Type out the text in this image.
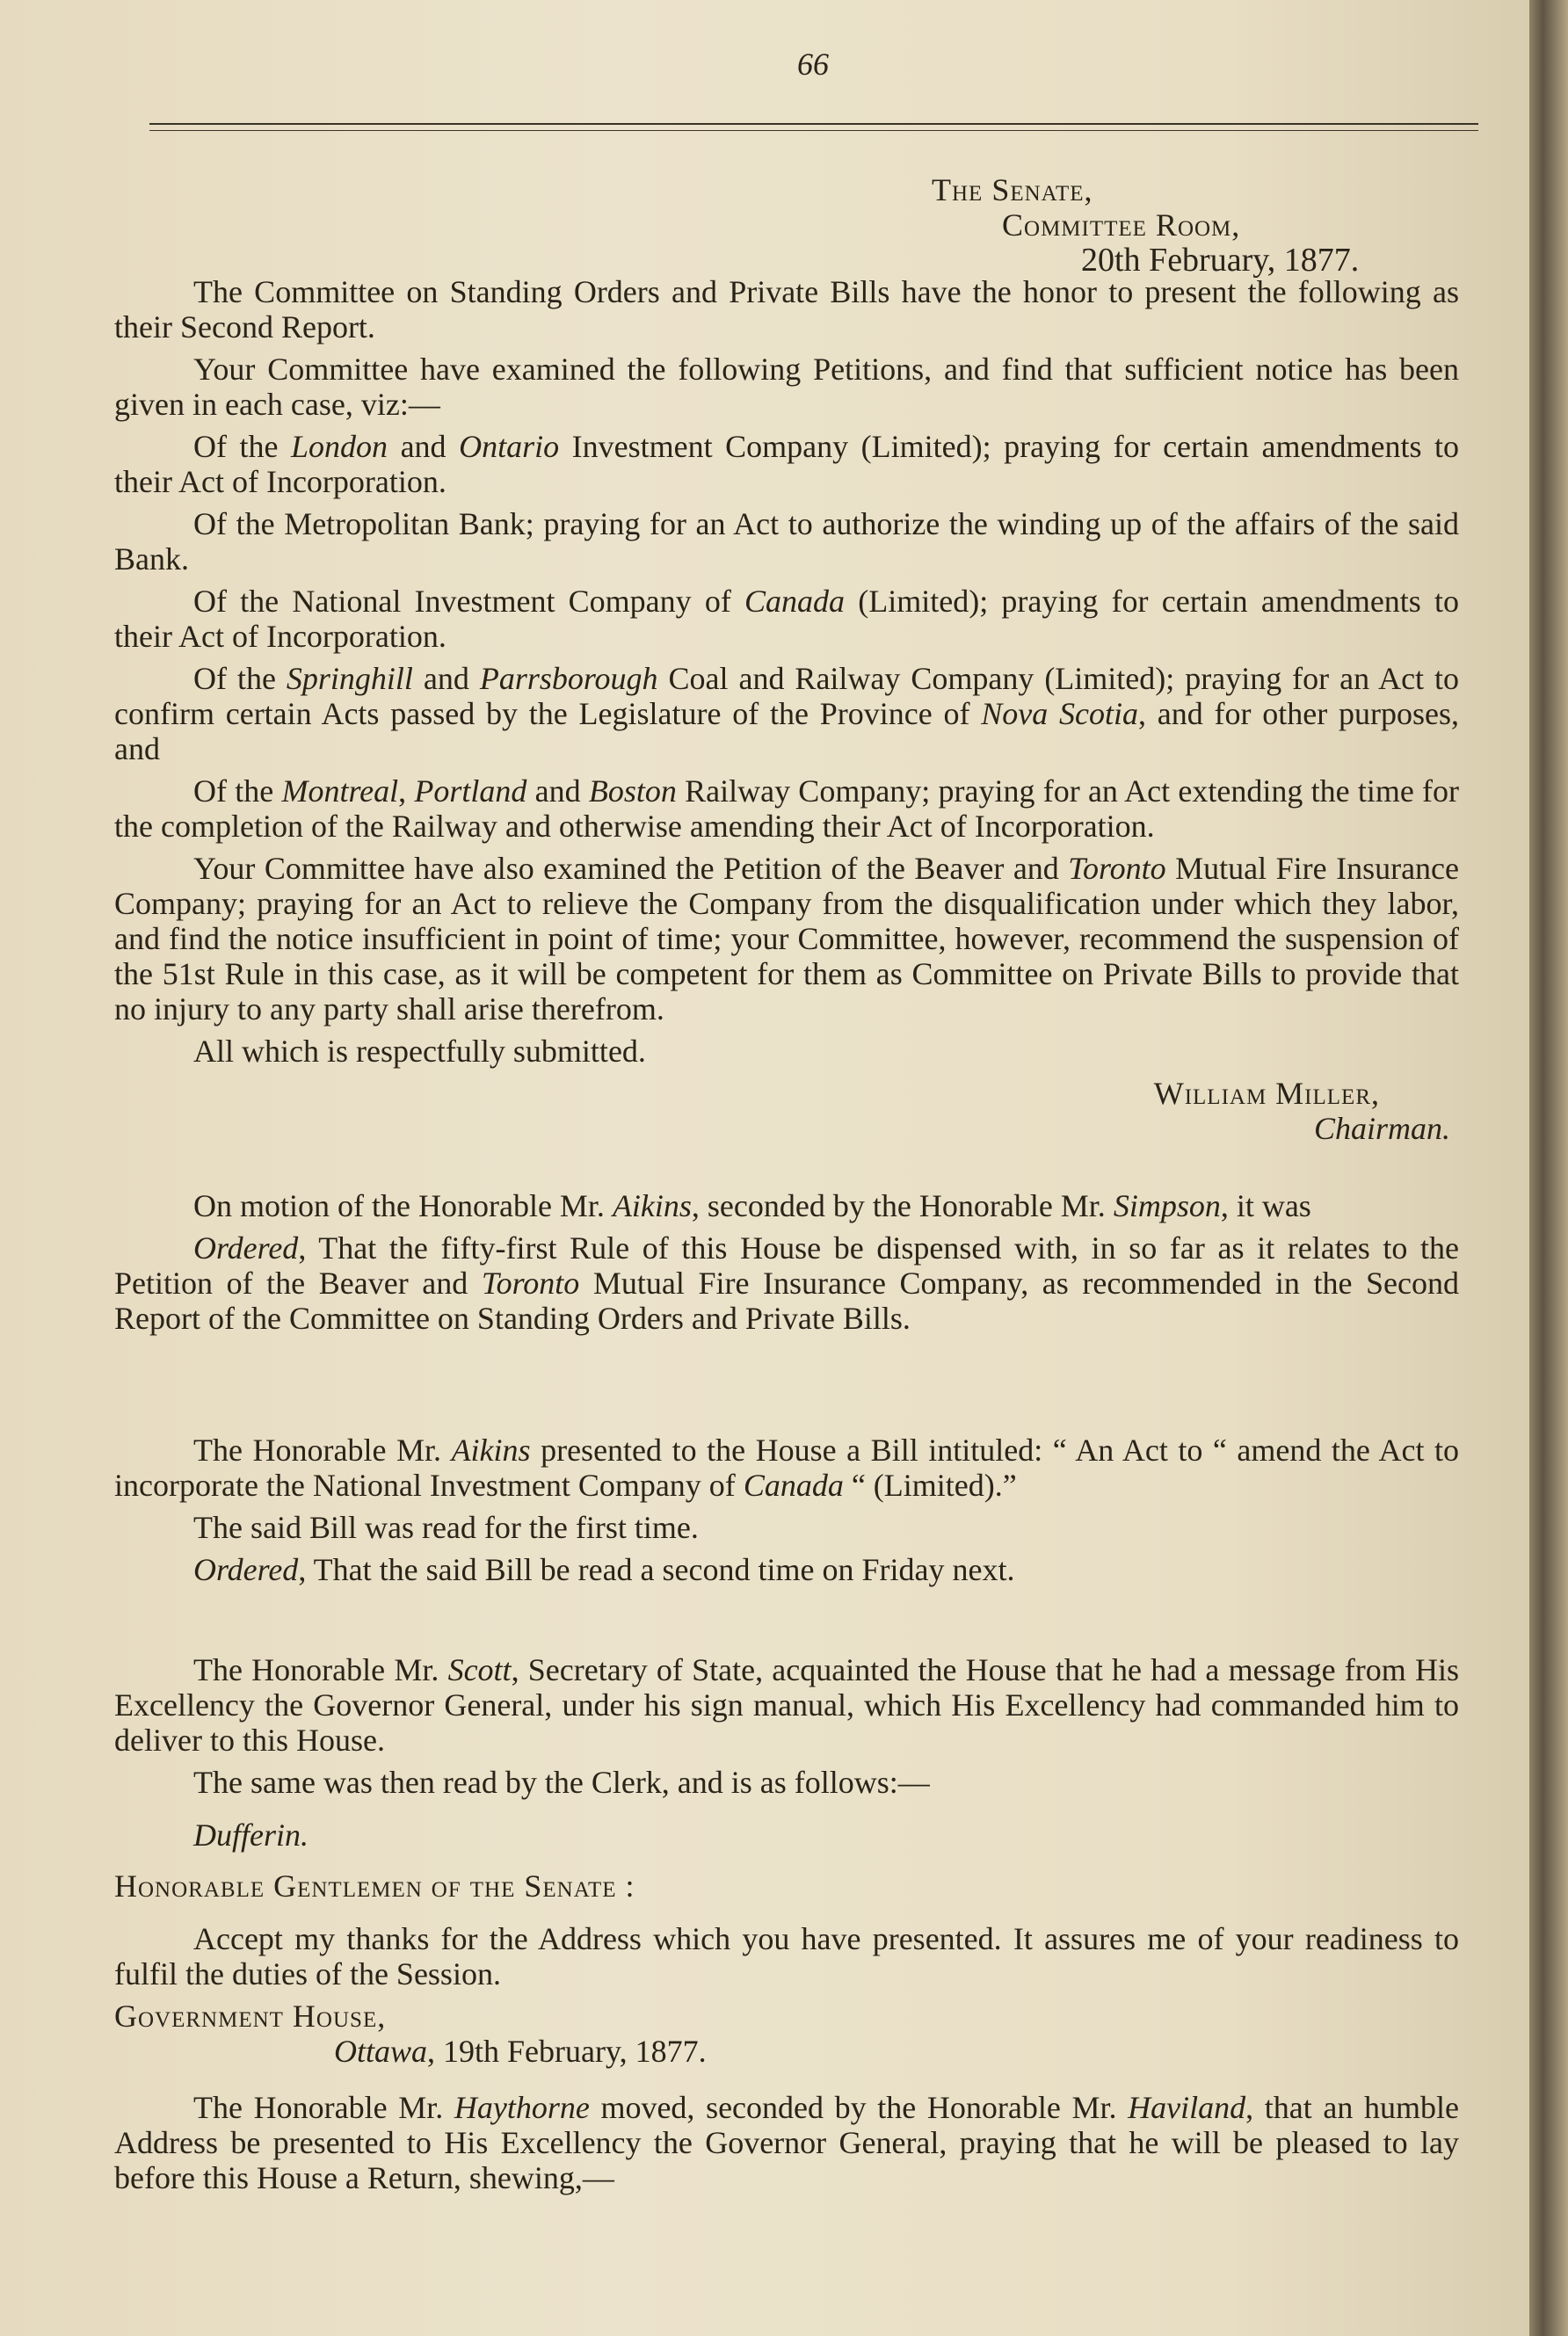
66
The Senate,
Committee Room,
20th February, 1877.

The Committee on Standing Orders and Private Bills have the honor to present the following as their Second Report.

Your Committee have examined the following Petitions, and find that sufficient notice has been given in each case, viz:—

Of the London and Ontario Investment Company (Limited); praying for certain amendments to their Act of Incorporation.

Of the Metropolitan Bank; praying for an Act to authorize the winding up of the affairs of the said Bank.

Of the National Investment Company of Canada (Limited); praying for certain amendments to their Act of Incorporation.

Of the Springhill and Parrsborough Coal and Railway Company (Limited); praying for an Act to confirm certain Acts passed by the Legislature of the Province of Nova Scotia, and for other purposes, and

Of the Montreal, Portland and Boston Railway Company; praying for an Act extending the time for the completion of the Railway and otherwise amending their Act of Incorporation.

Your Committee have also examined the Petition of the Beaver and Toronto Mutual Fire Insurance Company; praying for an Act to relieve the Company from the disqualification under which they labor, and find the notice insufficient in point of time; your Committee, however, recommend the suspension of the 51st Rule in this case, as it will be competent for them as Committee on Private Bills to provide that no injury to any party shall arise therefrom.

All which is respectfully submitted.

William Miller,
Chairman.

On motion of the Honorable Mr. Aikins, seconded by the Honorable Mr. Simpson, it was

Ordered, That the fifty-first Rule of this House be dispensed with, in so far as it relates to the Petition of the Beaver and Toronto Mutual Fire Insurance Company, as recommended in the Second Report of the Committee on Standing Orders and Private Bills.

The Honorable Mr. Aikins presented to the House a Bill intituled: “ An Act to “ amend the Act to incorporate the National Investment Company of Canada “ (Limited).”

The said Bill was read for the first time.

Ordered, That the said Bill be read a second time on Friday next.

The Honorable Mr. Scott, Secretary of State, acquainted the House that he had a message from His Excellency the Governor General, under his sign manual, which His Excellency had commanded him to deliver to this House.

The same was then read by the Clerk, and is as follows:—

Dufferin.

Honorable Gentlemen of the Senate :

Accept my thanks for the Address which you have presented. It assures me of your readiness to fulfil the duties of the Session.

Government House,

Ottawa, 19th February, 1877.

The Honorable Mr. Haythorne moved, seconded by the Honorable Mr. Haviland, that an humble Address be presented to His Excellency the Governor General, praying that he will be pleased to lay before this House a Return, shewing,—
